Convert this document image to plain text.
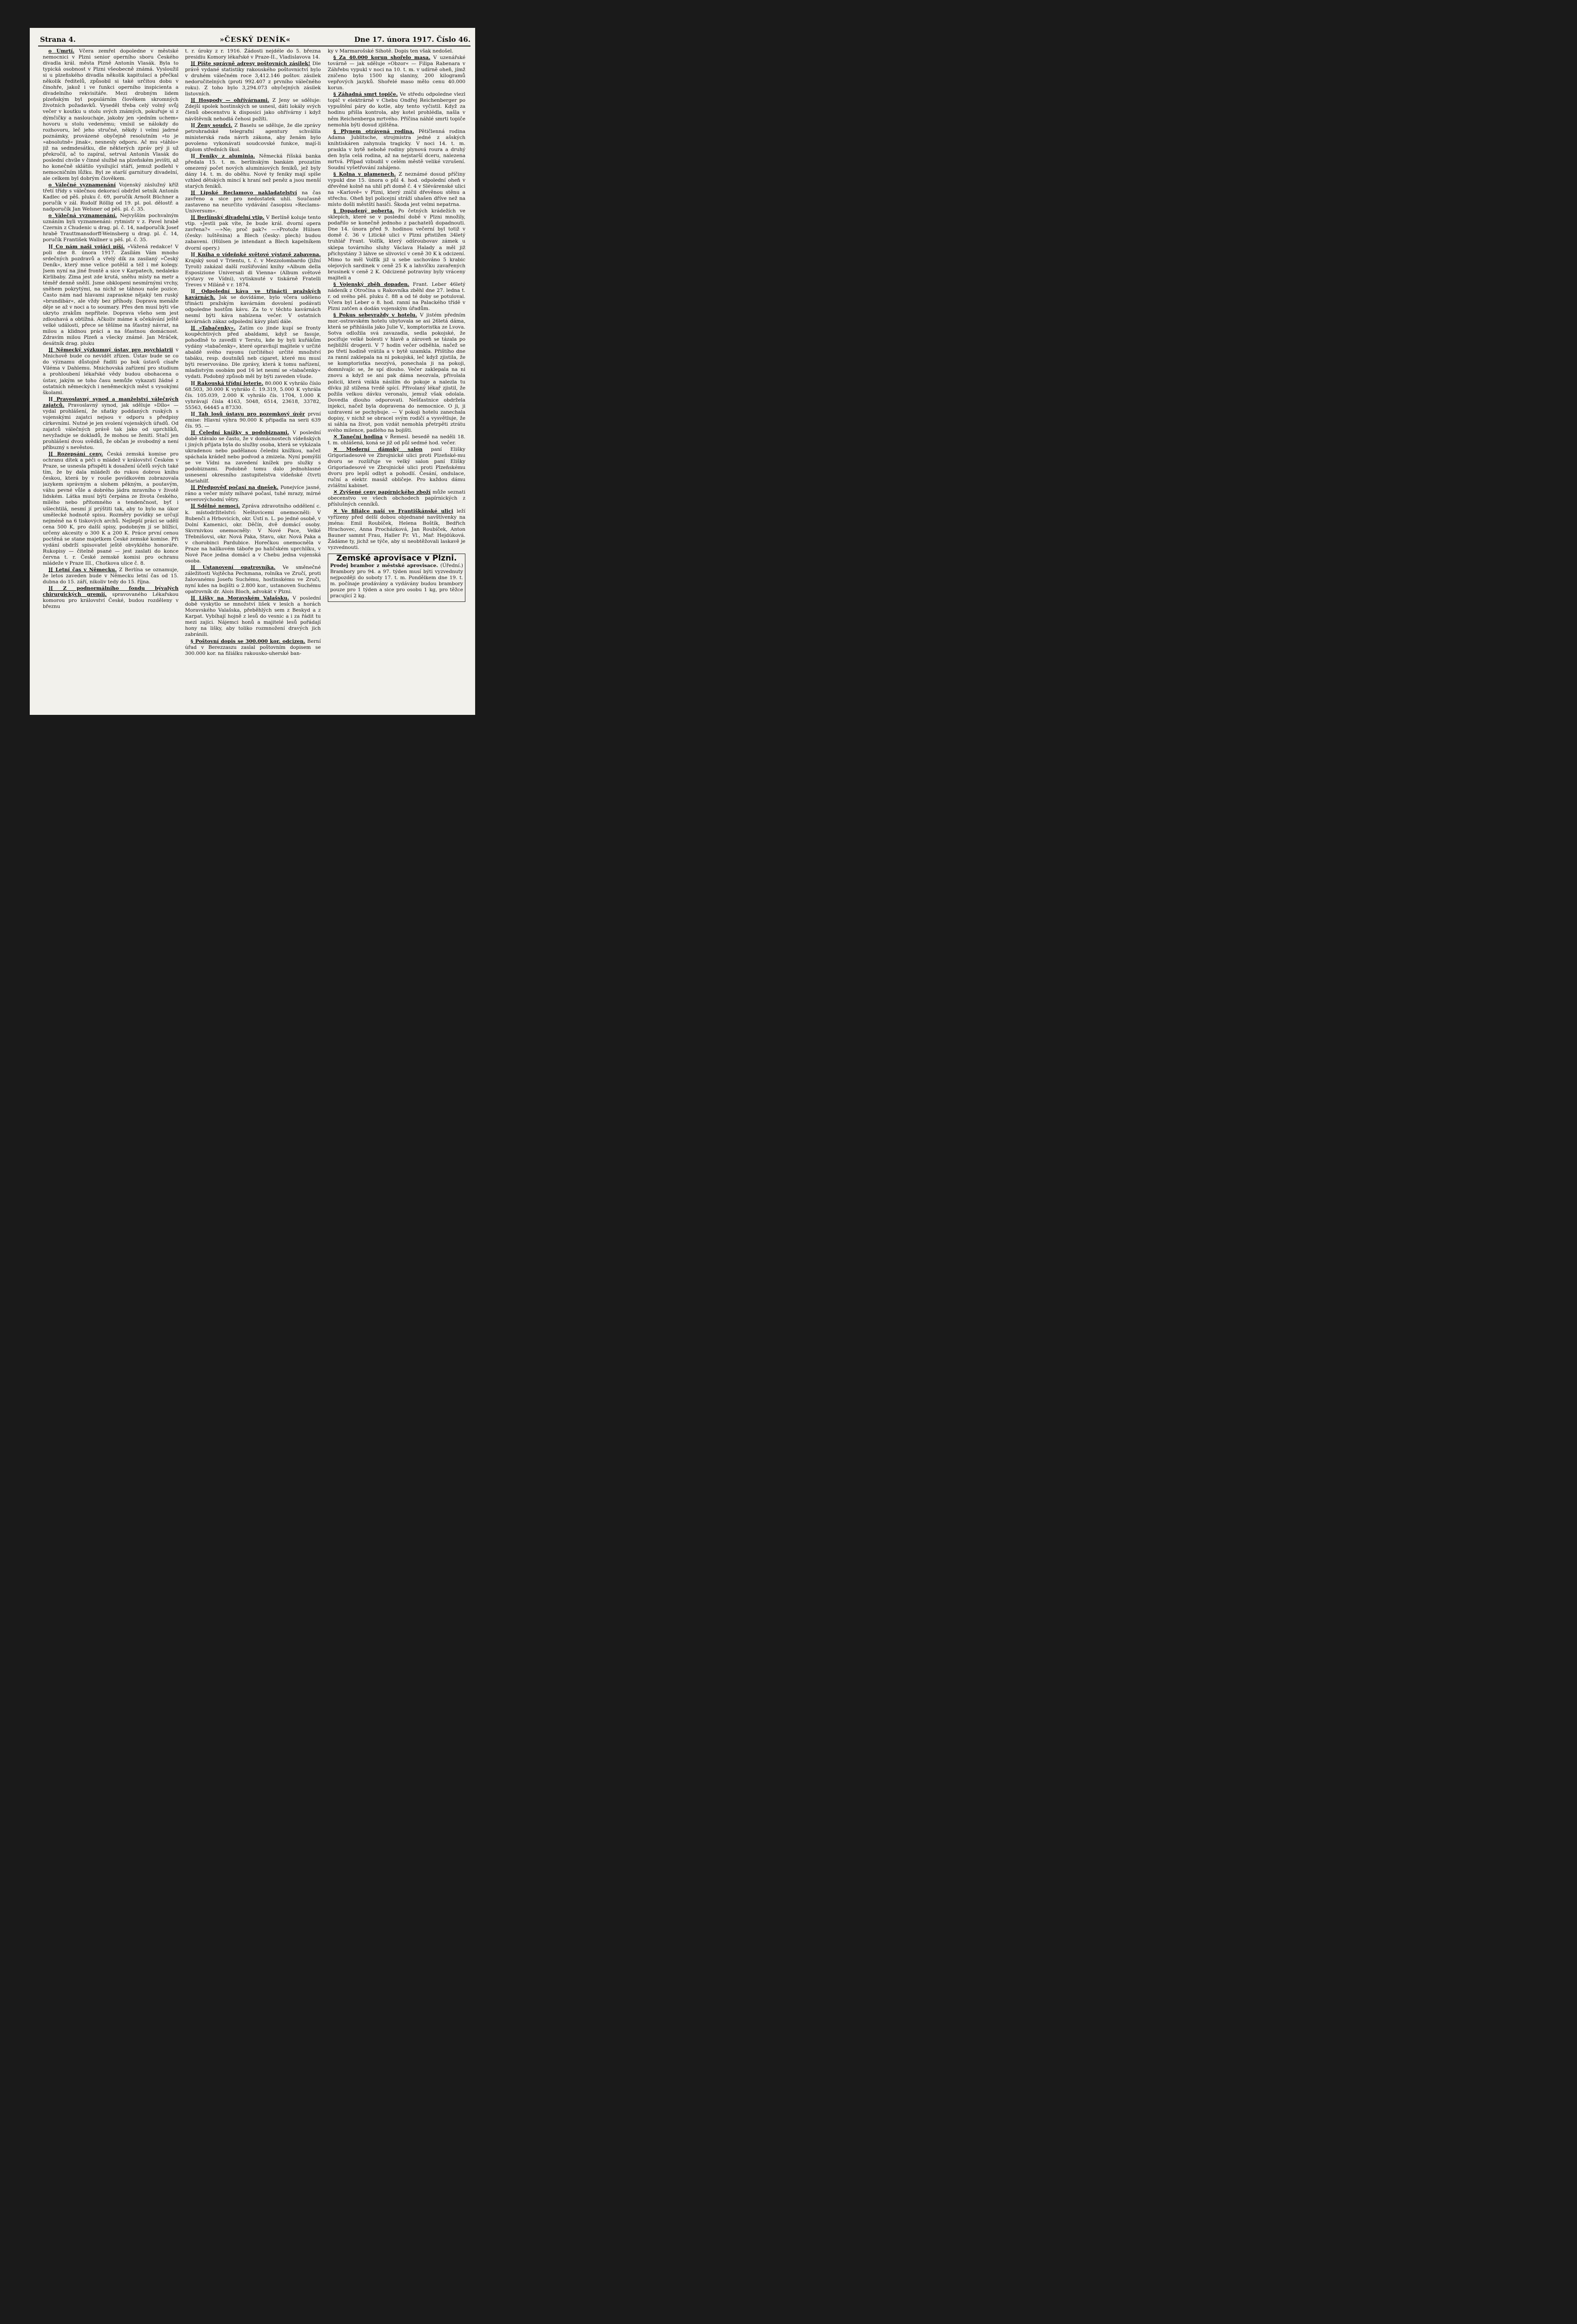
Strana 4.	»ČESKÝ DENÍK«	Dne 17. února 1917. Číslo 46.

o Úmrtí. Včera zemřel dopoledne v městské nemocnici v Plzni senior operního sboru Českého divadla král. města Plzně Antonín Vlasák. Byla to typická osobnost v Plzni všeobecně známá. Vysloužil si u plzeňského divadla několik kapitulací a přečkal několik ředitelů, způsobil si také určitou dobu v činohře, jakož i ve funkci operního inspicienta a divadelního rekvisitáře. Mezi drobným lidem plzeňským byl populárním člověkem skromných životních požadavků. Vyseděl třeba celý volný svůj večer v koutku u stolu svých známých, pokuřuje si z dýmčičky a naslouchaje, jakoby jen »jedním uchem« hovoru u stolu vedenému; vmísil se nálokdy do rozhovoru, leč jeho stručné, někdy i velmi jadrné poznámky, provázené obyčejně resolutním »to je »absolutně« jinak«, nesnesly odporu. Ač mu »táhlo« již na sedmdesátku, dle některých zpráv prý ji už překročil, ač to zapíral, setrval Antonín Vlasák do poslední chvíle v činné službě na plzeňském jevišti, až ho konečně sklátilo vysilující stáří, jemuž podlehl v nemocničním lůžku. Byl ze starší garnitury divadelní, ale celkem byl dobrým člověkem.

o Válečné vyznamenání Vojenský záslužný kříž třetí třídy s válečnou dekorací obdržel setník Antonín Kadlec od pěš. pluku č. 69, poručík Arnošt Büchner a poručík v zál. Rudolf Röllig od 19. pl. pol. dělostř. a nadporučík Jan Welsner od pěš. pl. č. 35.

o Válečná vyznamenání. Nejvyšším pochvalným uznáním byli vyznamenáni: rytmistr v z. Pavel hrabě Czernin z Chudenic u drag. pl. č. 14, nadporučík Josef hrabě Trauttmansdorff-Weinsberg u drag. pl. č. 14, poručík František Wallner u pěš. pl. č. 35.

][ Co nám naši vojáci píší. »Vážená redakce! V poli dne 8. února 1917. Zasílám Vám mnoho srdečných pozdravů a vřelý dík za zasílaný »Český Deník«, který mne velice potěšil a též i mé kolegy. Jsem nyní na jiné frontě a sice v Karpatech, nedaleko Kirlibaby. Zima jest zde krutá, sněhu místy na metr a téměř denně sněží. Jsme obklopeni nesmírnými vrchy, sněhem pokrytými, na nichž se táhnou naše pozice. Často nám nad hlavami zapraskne nějaký ten ruský »brundibár«, ale vždy bez příhody. Doprava menáže děje se až v noci a to soumary. Přes den musí býti vše ukryto zrakům nepřítele. Doprava všeho sem jest zdlouhavá a obtížná. Ačkoliv máme k očekávání ještě velké události, přece se těšíme na šťastný návrat, na milou a klidnou práci a na šťastnou domácnost. Zdravím milou Plzeň a všecky známé. Jan Mráček, desátník drag. pluku

][ Německý výzkumný ústav pro psychiatrii v Mnichově bude co nevidět zřízen. Ústav bude se co do významu důstojně řaditi po bok ústavů císaře Viléma v Dahlemu. Mnichovská zařízení pro studium a prohloubení lékařské vědy budou obohacena o ústav, jakým se toho času nemůže vykazati žádné z ostatních německých i neněmeckých měst s vysokými školami.

][ Pravoslavný synod a manželství válečných zajatců. Pravoslavný synod, jak sděluje »Dílo« — vydal prohlášení, že sňatky poddaných ruských s vojenskými zajatci nejsou v odporu s předpisy církevními. Nutné je jen svolení vojenských úřadů. Od zajatců válečných právě tak jako od uprchlíků, nevyžaduje se dokladů, že mohou se ženiti. Stačí jen prohlášení dvou svědků, že občan je svobodný a není příbuzný s nevěstou.

][ Rozepsání ceny. Česká zemská komise pro ochranu dítek a péči o mládež v království Českém v Praze, se usnesla přispěti k dosažení účelů svých také tím, že by dala mládeži do rukou dobrou knihu českou, která by v rouše povídkovém zobrazovala jazykem správným a slohem pěkným, a poutavým, váhu pevné vůle a dobrého jádra mravního v životě lidském. Látka musí býti čerpána ze života českého, milého nebo přítomného a tendenčnost, byť i ušlechtilá, nesmí jí prýštiti tak, aby to bylo na úkor umělecké hodnotě spisu. Rozměry povídky se určují nejméně na 6 tiskových archů. Nejlepší práci se udělí cena 500 K, pro další spisy, podobným jí se blížící, určeny akcesity o 300 K a 200 K. Práce první cenou poctěná se stane majetkem České zemské komise. Při vydání obdrží spisovatel ještě obvyklého honoráře. Rukopisy — čitelně psané — jest zaslati do konce června t. r. České zemské komisi pro ochranu mládeže v Praze III., Chotkova ulice č. 8.

][ Letní čas v Německu. Z Berlína se oznamuje, že letos zaveden bude v Německu letní čas od 15. dubna do 15. září, nikoliv tedy do 15. října.

][ Z podnormálního fondu bývalých chirurgických gremií, spravovaného Lékařskou komorou pro království České, budou rozděleny v březnu

t. r. úroky z r. 1916. Žádosti nejdéle do 5. března presidiu Komory lékařské v Praze-II., Vladislavova 14.

][ Pište správně adresy poštovních zásilek! Dle právě vydané statistiky rakouského poštovnictví bylo v druhém válečném roce 3,412.146 poštov. zásilek nedoručitelných (proti 992.407 z prvního válečného roku). Z toho bylo 3,294.073 obyčejných zásilek listovních.

][ Hospody — ohřívárnami. Z Jeny se sděluje: Zdejší spolek hostinských se usnesl, dáti lokály svých členů obecenstvu k disposici jako ohřívárny i když návštěvník nehodlá čehosi požíti.

][ Ženy soudci. Z Baselu se sděluje, že dle zprávy petrohradské telegrafní agentury schválila ministerská rada návrh zákona, aby ženám bylo povoleno vykonávati soudcovské funkce, mají-li diplom středních škol.

][ Feniky z aluminia. Německá říšská banka předala 15. t. m. berlínským bankám prozatím omezený počet nových aluminiových feniků, jež byly dány 14. t. m. do oběhu. Nové ty feniky mají spíše vzhled dětských mincí k hraní než peněz a jsou menší starých feniků.

][ Lipské Reclamovo nakladatelství na čas zavřeno a sice pro nedostatek uhlí. Současně zastaveno na neurčito vydávání časopisu »Reclams-Universum«.

][ Berlínský divadelní vtip. V Berlíně koluje tento vtip. »Jestli pak víte, že bude král. dvorní opera zavřena?« —»Ne; proč pak?« —»Protože Hülsen (česky: luštěnina) a Blech (česky: plech) budou zabaveni. (Hülsen je intendant a Blech kapelníkem dvorní opery.)

][ Kniha o vídeňské světové výstavě zabavena. Krajský soud v Trientu, t. č. v Mezzolombardo (Jižní Tyroli) zakázal další rozšiřování knihy »Album della Esposizione Universali di Vienna« (Album světové výstavy ve Vídni), vytisknuté v tiskárně Fratelli Treves v Miláně v r. 1874.

][ Odpolední káva ve třinácti pražských kavárnách. Jak se dovídáme, bylo včera uděleno třinácti pražským kavárnám dovolení podávati odpoledne hostům kávu. Za to v těchto kavárnách nesmí býti káva nabízena večer. V ostatních kavárnách zákaz odpolední kávy platí dále.

][ »Tabačenky«. Zatím co jinde kupí se fronty koupěchtivých před abaldami, když se fasuje, pohodlně to zavedli v Terstu, kde by byli kuřákům vydány »tabačenky«, které opravňují majitele v určité abaldě svého rayonu (určitého) určité množství tabáku, resp. doutníků neb cigaret, které mu musí býti reservováno. Dle zprávy, která k tomu nařízení, mladistvým osobám pod 16 let nesmí se »tabačenky« vydati. Podobný způsob měl by býti zaveden všude.

][ Rakouská třídní loterie. 80.000 K vyhrálo číslo 68.503, 30.000 K vyhrálo č. 19.319, 5.000 K vyhrála čís. 105.039, 2.000 K vyhrálo čís. 1704, 1.000 K vyhrávají čísla 4163, 5048, 6514, 23618, 33782, 55563, 64445 a 87330.

][ Tah losů ústavu pro pozemkový úvěr první emise: Hlavní výhra 90.000 K připadla na serii 639 čís. 95. —

][ Čelední knížky s podobiznami. V poslední době stávalo se často, že v domácnostech vídeňských i jiných přijata byla do služby osoba, která se vykázala ukradenou nebo padělanou čeledni knížkou, načež spáchala krádež nebo podvod a zmizela. Nyní pomýšlí se ve Vídni na zavedení knížek pro služky s podobiznami. Podobně tomu dalo jednohlasné usnesení okresního zastupitelstva vídeňské čtvrti Mariahilf.

][ Předpověď počasí na dnešek. Ponejvíce jasné, ráno a večer místy mlhavé počasí, tuhé mrazy, mírné severovýchodní větry.

][ Sdělné nemoci. Zpráva zdravotního oddělení c. k. místodržitelství: Neštovicemi onemocněli: V Bubenči a Hrbovicích, okr. Ústí n. L. po jedné osobě, v Dolní Kamenici, okr. Děčín, dvě domácí osoby. Skvrnivkou onemocněly: V Nové Pace, Velké Třebnišovsi, okr. Nová Paka, Stavu, okr. Nová Paka a v chorobinci Pardubice. Horečkou onemocněla v Praze na halíkovém táboře po haličském uprchlíku, v Nové Pace jedna domácí a v Chebu jedna vojenská osoba.

][ Ustanovení opatrovníka. Ve směnečné záležitosti Vojtěcha Pechmana, rolníka ve Zručí, proti žalovanému Josefu Suchému, hostinskému ve Zruči, nyní kdes na bojišti o 2.800 kor., ustanoven Suchému opatrovník dr. Alois Bloch, advokát v Plzni.

][ Lišky na Moravském Valašsku. V poslední době vyskytlo se množství lišek v lesích a horách Moravského Valašska, přeběhlých sem z Beskyd a z Karpat. Vybíhají hojně z lesů do vesnic a i za řádit tu mezi zajíci. Nájemci honů a majitelé lesů pořádají hony na lišky, aby toliko rozmnožení dravých jich zabránili.

§ Poštovní dopis se 300.000 kor. odcizen. Berní úřad v Berezzaszu zaslal poštovním dopisem se 300.000 kor. na filiálku rakousko-uherské ban-

ky v Marmarošské Sihotě. Dopis ten však nedošel.

§ Za 40.000 korun shořelo masa. V uzenářské továrně — jak sděluje »Obzor« — Filipa Rabenara v Záhřebu vypukl v noci na 10. t. m. v udírně oheň, jímž zničeno bylo 1500 kg slaniny, 200 kilogramů vepřových jazyků. Shořelé maso mělo cenu 40.000 korun.

§ Záhadná smrt topiče. Ve středu odpoledne vlezl topič v elektrárně v Chebu Ondřej Reichenberger po vypuštění páry do kotle, aby tento vyčistil. Když za hodinu přišla kontrola, aby kotel prohlédla, našla v něm Reichenberga mrtvého. Příčina náhlé smrti topiče nemohla býti dosud zjištěna.

§ Plynem otrávená rodina. Pětičlenná rodina Adama Jublitsche, strojmistra jedné z ašských knihtiskáren zahynula tragicky. V noci 14. t. m. praskla v bytě nebohé rodiny plynová roura a druhý den byla celá rodina, až na nejstarší dceru, nalezena mrtvá. Případ vzbudil v celém městě veliké vzrušení. Soudní vyšetřování zahájeno.

§ Kolna v plamenech. Z neznámé dosud příčiny vypukl dne 15. února o půl 4. hod. odpolední oheň v dřevěné kolně na uhlí při domě č. 4 v Slévárenské ulici na »Karlově« v Plzni, který zničil dřevěnou stěnu a střechu. Oheň byl policejní stráží uhašen dříve než na místo došli městští hasiči. Škoda jest velmi nepatrna.

§ Dopadený poberta. Po četných krádežích ve sklepích, které se v poslední době v Plzni množily, podařilo se konečně jednoho z pachatelů dopadnouti. Dne 14. února před 9. hodinou večerní byl totiž v domě č. 36 v Litické ulici v Plzni přistižen 34letý truhlář Frant. Volfík, který odšroubovav zámek u sklepa továrního sluhy Václava Halady a měl již přichystány 3 láhve se slivovicí v ceně 30 K k odcizení. Mimo to měl Volfík již u sebe uschováno 5 krabic olejových sardinek v ceně 25 K a lahvičku zavařených brusinek v ceně 2 K. Odcizené potraviny byly vráceny majiteli a

§ Vojenský zběh dopaden. Frant. Leber 46letý nádeník z Otročína u Rakovníka zběhl dne 27. ledna t. r. od svého pěš. pluku č. 88 a od té doby se potuloval. Včera byl Leber o 8. hod. ranní na Palackého třídě v Plzni zatčen a dodán vojenským úřadům.

§ Pokus sebevraždy v hotelu. V jistém předním mor.-ostravském hotelu ubytovala se asi 26letá dáma, která se přihlásila jako Julie V., komptoristka ze Lvova. Sotva odložila svá zavazadla, sedla pokojské, že pociťuje velké bolesti v hlavě a zároveň se tázala po nejbližší drogerii. V 7 hodin večer odběhla, načež se po třetí hodině vrátila a v bytě uzamkla. Přištího dne za ranní zaklepala na ni pokojská, leč když zjistila, že se komptoristka neozývá, ponechala ji na pokoji, domnívajíc se, že spí dlouho. Večer zaklepala na ni znovu a když se ani pak dáma neozvala, přivolala policii, která vnikla násilím do pokoje a nalezla tu dívku již stížena tvrdě spící. Přivolaný lékař zjistil, že požila velkou dávku veronalu, jemuž však odolala. Dovedla dlouho odporovati. Nešťastnice obdržela injekci, načež byla dopravena do nemocnice. O ji, ji uzdravení se pochybuje. — V pokoji hotelu zanechala dopisy, v nichž se obracel svým rodičí a vysvětluje, že si sáhla na život, pon vzdát nemohla přetrpěti ztrátu svého milence, padlého na bojišti.

✕ Taneční hodina v Řemesl. besedě na neděli 18. t. m. ohlášená, koná se již od půl sedmé hod. večer.

✕ Moderní dámský salon paní Elišky Grigoriadesové ve Zbrojnické ulici proti Plzeňské-mu dvoru se rozšiřuje ve velký salon paní Elišky Grigoriadesové ve Zbrojnické ulici proti Plzeňskému dvoru pro lepší odbyt a pohodlí. Česání, ondulace, ruční a elektr. masáž obličeje. Pro každou dámu zvláštní kabinet.

✕ Zvýšené ceny papírnického zboží může seznati obecenstvo ve všech obchodech papírnických z příslušných cenníků.

✕ Ve filiálce naší ve Františkánské ulici leží vyřízeny před delší dobou objednané navštívenky na jména: Emil Roubíček, Helena Boštík, Bedřich Hrachovec, Anna Procházková, Jan Roubíček, Anton Bauner sammt Frau, Haller Fr. Vl., Mař. Hejdúková. Žádáme ty, jichž se týče, aby si neobtěžovali laskavě je vyzvednouti.

Zemské aprovisace v Plzni.
Prodej brambor z městské aprovisace. (Úřední.) Brambory pro 94. a 97. týden musí býti vyzvednuty nejpozději do soboty 17. t. m. Pondělkem dne 19. t. m. počínaje prodávány a vydávány budou brambory pouze pro 1 týden a sice pro osobu 1 kg, pro těžce pracující 2 kg.
